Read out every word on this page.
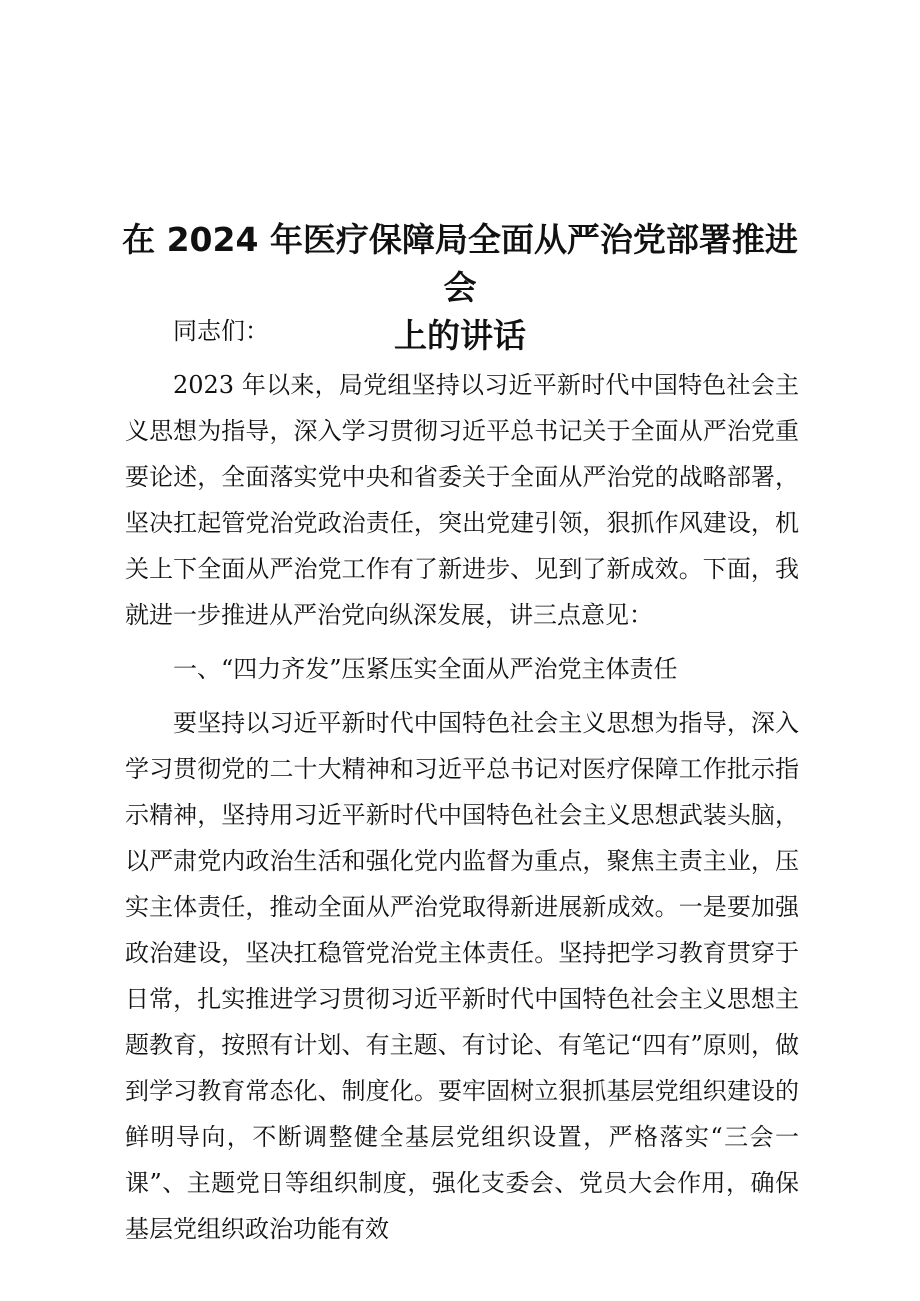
在 2024 年医疗保障局全面从严治党部署推进会
上的讲话

同志们：

2023 年以来，局党组坚持以习近平新时代中国特色社会主义思想为指导，深入学习贯彻习近平总书记关于全面从严治党重要论述，全面落实党中央和省委关于全面从严治党的战略部署，坚决扛起管党治党政治责任，突出党建引领，狠抓作风建设，机关上下全面从严治党工作有了新进步、见到了新成效。下面，我就进一步推进从严治党向纵深发展，讲三点意见：

一、“四力齐发”压紧压实全面从严治党主体责任

要坚持以习近平新时代中国特色社会主义思想为指导，深入学习贯彻党的二十大精神和习近平总书记对医疗保障工作批示指示精神，坚持用习近平新时代中国特色社会主义思想武装头脑，以严肃党内政治生活和强化党内监督为重点，聚焦主责主业，压实主体责任，推动全面从严治党取得新进展新成效。一是要加强政治建设，坚决扛稳管党治党主体责任。坚持把学习教育贯穿于日常，扎实推进学习贯彻习近平新时代中国特色社会主义思想主题教育，按照有计划、有主题、有讨论、有笔记“四有”原则，做到学习教育常态化、制度化。要牢固树立狠抓基层党组织建设的鲜明导向，不断调整健全基层党组织设置，严格落实“三会一课”、主题党日等组织制度，强化支委会、党员大会作用，确保基层党组织政治功能有效
